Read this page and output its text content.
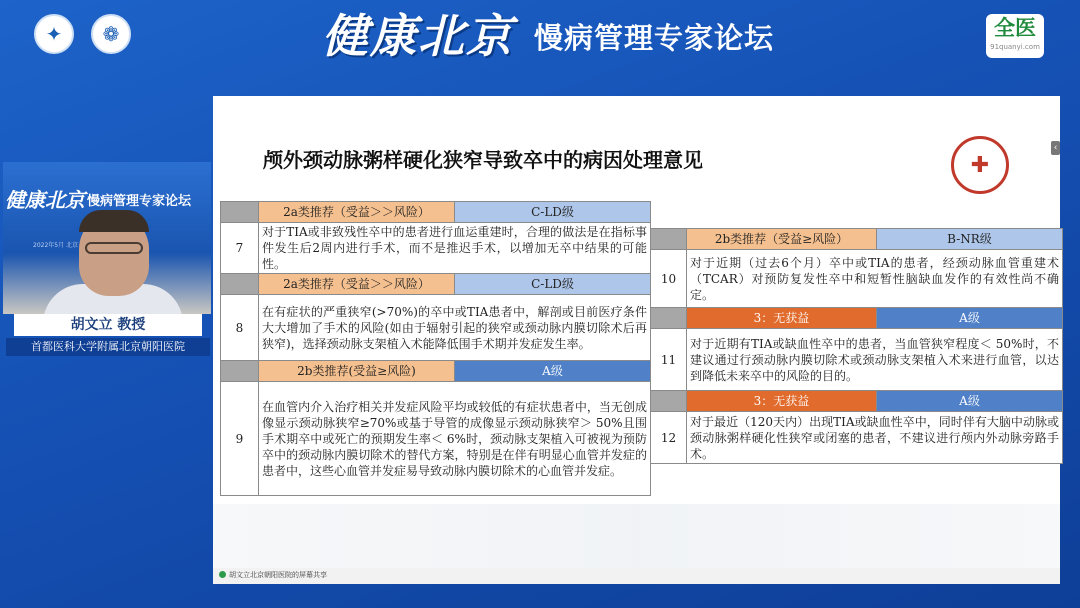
✦	❁	健康北京 慢病管理专家论坛	全医
91quanyi.com
健康北京 慢病管理专家论坛
2022年5月 北京
胡文立 教授
首都医科大学附属北京朝阳医院
颅外颈动脉粥样硬化狭窄导致卒中的病因处理意见	✚
‹
	2a类推荐（受益＞＞风险）	C-LD级
7	对于TIA或非致残性卒中的患者进行血运重建时，合理的做法是在指标事件发生后2周内进行手术，而不是推迟手术，以增加无卒中结果的可能性。	
	2a类推荐（受益＞＞风险）	C-LD级
8	在有症状的严重狭窄(>70%)的卒中或TIA患者中，解剖或目前医疗条件大大增加了手术的风险(如由于辐射引起的狭窄或颈动脉内膜切除术后再狭窄)，选择颈动脉支架植入术能降低围手术期并发症发生率。	
	2b类推荐(受益≥风险)	A级
9	在血管内介入治疗相关并发症风险平均或较低的有症状患者中，当无创成像显示颈动脉狭窄≥70%或基于导管的成像显示颈动脉狭窄＞ 50%且围手术期卒中或死亡的预期发生率＜ 6%时，颈动脉支架植入可被视为预防卒中的颈动脉内膜切除术的替代方案，特别是在伴有明显心血管并发症的患者中，这些心血管并发症易导致动脉内膜切除术的心血管并发症。	
	2b类推荐（受益≥风险）	B-NR级
10	对于近期（过去6个月）卒中或TIA的患者，经颈动脉血管重建术（TCAR）对预防复发性卒中和短暂性脑缺血发作的有效性尚不确定。	
	3：无获益	A级
11	对于近期有TIA或缺血性卒中的患者，当血管狭窄程度＜ 50%时，不建议通过行颈动脉内膜切除术或颈动脉支架植入术来进行血管，以达到降低未来卒中的风险的目的。	
	3：无获益	A级
12	对于最近（120天内）出现TIA或缺血性卒中，同时伴有大脑中动脉或颈动脉粥样硬化性狭窄或闭塞的患者，不建议进行颅内外动脉旁路手术。	
胡文立北京朝阳医院的屏幕共享
